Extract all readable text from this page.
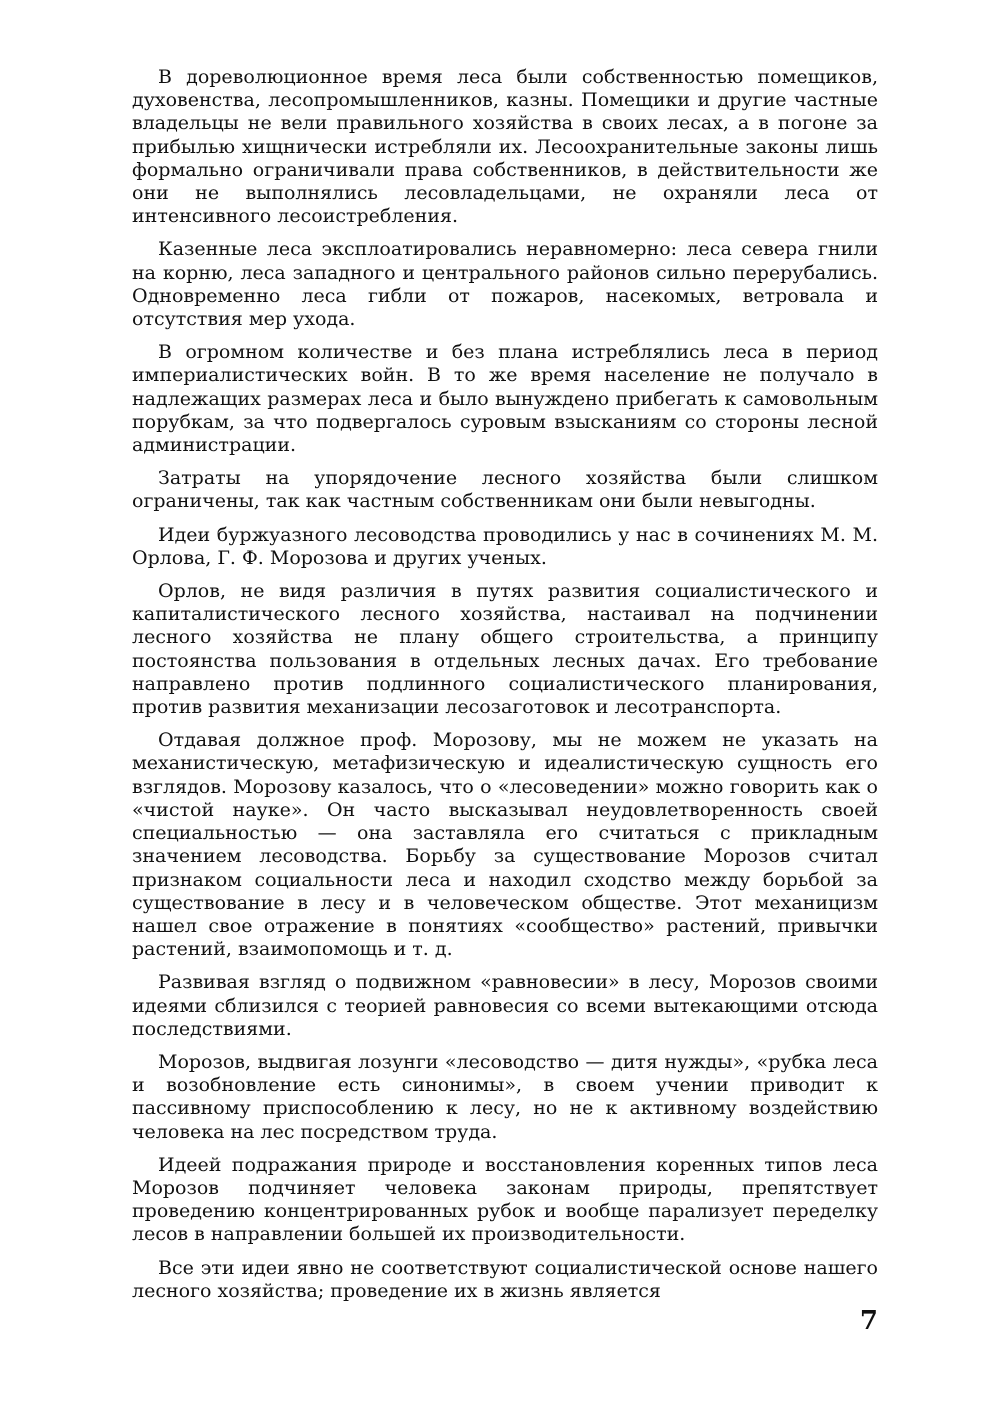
В дореволюционное время леса были собственностью помещиков, духовенства, лесопромышленников, казны. Помещики и другие частные владельцы не вели правильного хозяйства в своих лесах, а в погоне за прибылью хищнически истребляли их. Лесоохранительные законы лишь формально ограничивали права собственников, в действительности же они не выполнялись лесовладельцами, не охраняли леса от интенсивного лесоистребления.

Казенные леса эксплоатировались неравномерно: леса севера гнили на корню, леса западного и центрального районов сильно перерубались. Одновременно леса гибли от пожаров, насекомых, ветровала и отсутствия мер ухода.

В огромном количестве и без плана истреблялись леса в период империалистических войн. В то же время население не получало в надлежащих размерах леса и было вынуждено прибегать к самовольным порубкам, за что подвергалось суровым взысканиям со стороны лесной администрации.

Затраты на упорядочение лесного хозяйства были слишком ограничены, так как частным собственникам они были невыгодны.

Идеи буржуазного лесоводства проводились у нас в сочинениях М. М. Орлова, Г. Ф. Морозова и других ученых.

Орлов, не видя различия в путях развития социалистического и капиталистического лесного хозяйства, настаивал на подчинении лесного хозяйства не плану общего строительства, а принципу постоянства пользования в отдельных лесных дачах. Его требование направлено против подлинного социалистического планирования, против развития механизации лесозаготовок и лесотранспорта.

Отдавая должное проф. Морозову, мы не можем не указать на механистическую, метафизическую и идеалистическую сущность его взглядов. Морозову казалось, что о «лесоведении» можно говорить как о «чистой науке». Он часто высказывал неудовлетворенность своей специальностью — она заставляла его считаться с прикладным значением лесоводства. Борьбу за существование Морозов считал признаком социальности леса и находил сходство между борьбой за существование в лесу и в человеческом обществе. Этот механицизм нашел свое отражение в понятиях «сообщество» растений, привычки растений, взаимопомощь и т. д.

Развивая взгляд о подвижном «равновесии» в лесу, Морозов своими идеями сблизился с теорией равновесия со всеми вытекающими отсюда последствиями.

Морозов, выдвигая лозунги «лесоводство — дитя нужды», «рубка леса и возобновление есть синонимы», в своем учении приводит к пассивному приспособлению к лесу, но не к активному воздействию человека на лес посредством труда.

Идеей подражания природе и восстановления коренных типов леса Морозов подчиняет человека законам природы, препятствует проведению концентрированных рубок и вообще парализует переделку лесов в направлении большей их производительности.

Все эти идеи явно не соответствуют социалистической основе нашего лесного хозяйства; проведение их в жизнь является

7
